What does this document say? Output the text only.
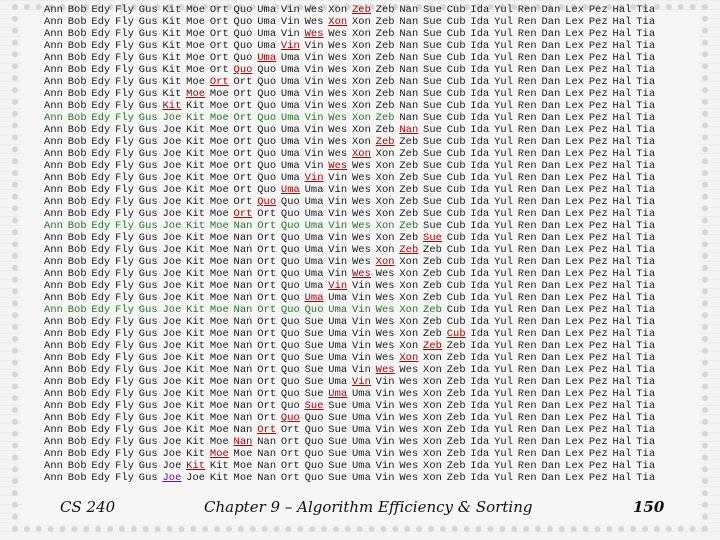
Ann Bob Edy Fly Gus Kit Moe Ort Quo Uma Vin Wes Xon Zeb Zeb Nan Sue Cub Ida Yul Ren Dan Lex Pez Hal Tia
Ann Bob Edy Fly Gus Kit Moe Ort Quo Uma Vin Wes Xon Xon Zeb Nan Sue Cub Ida Yul Ren Dan Lex Pez Hal Tia
Ann Bob Edy Fly Gus Kit Moe Ort Quo Uma Vin Wes Wes Xon Zeb Nan Sue Cub Ida Yul Ren Dan Lex Pez Hal Tia
Ann Bob Edy Fly Gus Kit Moe Ort Quo Uma Vin Vin Wes Xon Zeb Nan Sue Cub Ida Yul Ren Dan Lex Pez Hal Tia
Ann Bob Edy Fly Gus Kit Moe Ort Quo Uma Uma Vin Wes Xon Zeb Nan Sue Cub Ida Yul Ren Dan Lex Pez Hal Tia
Ann Bob Edy Fly Gus Kit Moe Ort Quo Quo Uma Vin Wes Xon Zeb Nan Sue Cub Ida Yul Ren Dan Lex Pez Hal Tia
Ann Bob Edy Fly Gus Kit Moe Ort Ort Quo Uma Vin Wes Xon Zeb Nan Sue Cub Ida Yul Ren Dan Lex Pez Hal Tia
Ann Bob Edy Fly Gus Kit Moe Moe Ort Quo Uma Vin Wes Xon Zeb Nan Sue Cub Ida Yul Ren Dan Lex Pez Hal Tia
Ann Bob Edy Fly Gus Kit Kit Moe Ort Quo Uma Vin Wes Xon Zeb Nan Sue Cub Ida Yul Ren Dan Lex Pez Hal Tia
Ann Bob Edy Fly Gus Joe Kit Moe Ort Quo Uma Vin Wes Xon Zeb Nan Sue Cub Ida Yul Ren Dan Lex Pez Hal Tia
Ann Bob Edy Fly Gus Joe Kit Moe Ort Quo Uma Vin Wes Xon Zeb Nan Sue Cub Ida Yul Ren Dan Lex Pez Hal Tia
Ann Bob Edy Fly Gus Joe Kit Moe Ort Quo Uma Vin Wes Xon Zeb Zeb Sue Cub Ida Yul Ren Dan Lex Pez Hal Tia
Ann Bob Edy Fly Gus Joe Kit Moe Ort Quo Uma Vin Wes Xon Xon Zeb Sue Cub Ida Yul Ren Dan Lex Pez Hal Tia
Ann Bob Edy Fly Gus Joe Kit Moe Ort Quo Uma Vin Wes Wes Xon Zeb Sue Cub Ida Yul Ren Dan Lex Pez Hal Tia
Ann Bob Edy Fly Gus Joe Kit Moe Ort Quo Uma Vin Vin Wes Xon Zeb Sue Cub Ida Yul Ren Dan Lex Pez Hal Tia
Ann Bob Edy Fly Gus Joe Kit Moe Ort Quo Uma Uma Vin Wes Xon Zeb Sue Cub Ida Yul Ren Dan Lex Pez Hal Tia
Ann Bob Edy Fly Gus Joe Kit Moe Ort Quo Quo Uma Vin Wes Xon Zeb Sue Cub Ida Yul Ren Dan Lex Pez Hal Tia
Ann Bob Edy Fly Gus Joe Kit Moe Ort Ort Quo Uma Vin Wes Xon Zeb Sue Cub Ida Yul Ren Dan Lex Pez Hal Tia
Ann Bob Edy Fly Gus Joe Kit Moe Nan Ort Quo Uma Vin Wes Xon Zeb Sue Cub Ida Yul Ren Dan Lex Pez Hal Tia
Ann Bob Edy Fly Gus Joe Kit Moe Nan Ort Quo Uma Vin Wes Xon Zeb Sue Cub Ida Yul Ren Dan Lex Pez Hal Tia
Ann Bob Edy Fly Gus Joe Kit Moe Nan Ort Quo Uma Vin Wes Xon Zeb Zeb Cub Ida Yul Ren Dan Lex Pez Hal Tia
Ann Bob Edy Fly Gus Joe Kit Moe Nan Ort Quo Uma Vin Wes Xon Xon Zeb Cub Ida Yul Ren Dan Lex Pez Hal Tia
Ann Bob Edy Fly Gus Joe Kit Moe Nan Ort Quo Uma Vin Wes Wes Xon Zeb Cub Ida Yul Ren Dan Lex Pez Hal Tia
Ann Bob Edy Fly Gus Joe Kit Moe Nan Ort Quo Uma Vin Vin Wes Xon Zeb Cub Ida Yul Ren Dan Lex Pez Hal Tia
Ann Bob Edy Fly Gus Joe Kit Moe Nan Ort Quo Uma Uma Vin Wes Xon Zeb Cub Ida Yul Ren Dan Lex Pez Hal Tia
Ann Bob Edy Fly Gus Joe Kit Moe Nan Ort Quo Quo Uma Vin Wes Xon Zeb Cub Ida Yul Ren Dan Lex Pez Hal Tia
Ann Bob Edy Fly Gus Joe Kit Moe Nan Ort Quo Sue Uma Vin Wes Xon Zeb Cub Ida Yul Ren Dan Lex Pez Hal Tia
Ann Bob Edy Fly Gus Joe Kit Moe Nan Ort Quo Sue Uma Vin Wes Xon Zeb Cub Ida Yul Ren Dan Lex Pez Hal Tia
Ann Bob Edy Fly Gus Joe Kit Moe Nan Ort Quo Sue Uma Vin Wes Xon Zeb Zeb Ida Yul Ren Dan Lex Pez Hal Tia
Ann Bob Edy Fly Gus Joe Kit Moe Nan Ort Quo Sue Uma Vin Wes Xon Xon Zeb Ida Yul Ren Dan Lex Pez Hal Tia
Ann Bob Edy Fly Gus Joe Kit Moe Nan Ort Quo Sue Uma Vin Wes Wes Xon Zeb Ida Yul Ren Dan Lex Pez Hal Tia
Ann Bob Edy Fly Gus Joe Kit Moe Nan Ort Quo Sue Uma Vin Vin Wes Xon Zeb Ida Yul Ren Dan Lex Pez Hal Tia
Ann Bob Edy Fly Gus Joe Kit Moe Nan Ort Quo Sue Uma Uma Vin Wes Xon Zeb Ida Yul Ren Dan Lex Pez Hal Tia
Ann Bob Edy Fly Gus Joe Kit Moe Nan Ort Quo Sue Sue Uma Vin Wes Xon Zeb Ida Yul Ren Dan Lex Pez Hal Tia
Ann Bob Edy Fly Gus Joe Kit Moe Nan Ort Quo Quo Sue Uma Vin Wes Xon Zeb Ida Yul Ren Dan Lex Pez Hal Tia
Ann Bob Edy Fly Gus Joe Kit Moe Nan Ort Ort Quo Sue Uma Vin Wes Xon Zeb Ida Yul Ren Dan Lex Pez Hal Tia
Ann Bob Edy Fly Gus Joe Kit Moe Nan Nan Ort Quo Sue Uma Vin Wes Xon Zeb Ida Yul Ren Dan Lex Pez Hal Tia
Ann Bob Edy Fly Gus Joe Kit Moe Moe Nan Ort Quo Sue Uma Vin Wes Xon Zeb Ida Yul Ren Dan Lex Pez Hal Tia
Ann Bob Edy Fly Gus Joe Kit Kit Moe Nan Ort Quo Sue Uma Vin Wes Xon Zeb Ida Yul Ren Dan Lex Pez Hal Tia
Ann Bob Edy Fly Gus Joe Joe Kit Moe Nan Ort Quo Sue Uma Vin Wes Xon Zeb Ida Yul Ren Dan Lex Pez Hal Tia
CS 240	Chapter 9 – Algorithm Efficiency & Sorting	150
